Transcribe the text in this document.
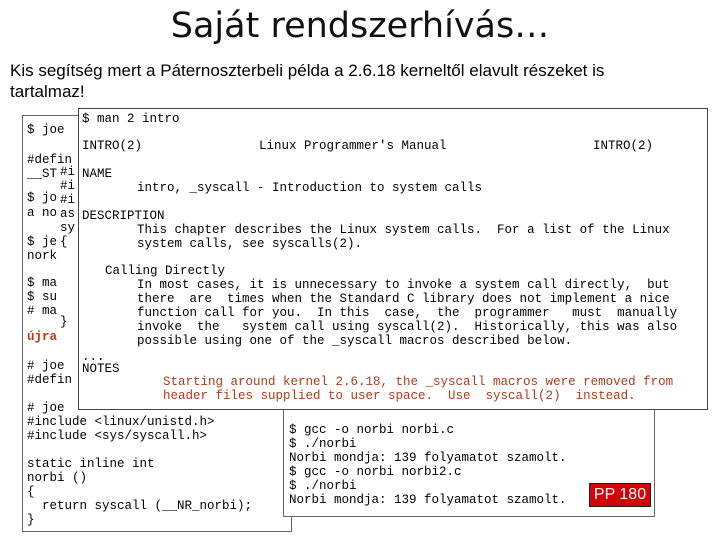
Saját rendszerhívás…
Kis segítség mert a Páternoszterbeli példa a 2.6.18 kerneltől elavult részeket is
tartalmaz!

$ joe

#defin

__ST

$ jo

a no

$ je

nork

$ ma

$ su

# ma

újra

# joe

#defin

# joe

#include <linux/unistd.h>

#include <sys/syscall.h>

static inline int

norbi ()

{

return syscall (__NR_norbi);

}

#i

#i

#i

as

sy

{

}

$ gcc -o norbi norbi.c

$ ./norbi

Norbi mondja: 139 folyamatot szamolt.

$ gcc -o norbi norbi2.c

$ ./norbi

Norbi mondja: 139 folyamatot szamolt.

$ man 2 intro

INTRO(2)

	Linux Programmer's Manual

	INTRO(2)

NAME

intro, _syscall - Introduction to system calls

DESCRIPTION

This chapter describes the Linux system calls.  For a list of the Linux

system calls, see syscalls(2).

Calling Directly

In most cases, it is unnecessary to invoke a system call directly,  but

there  are  times when the Standard C library does not implement a nice

function call for you.  In this  case,  the  programmer   must  manually

invoke  the   system call using syscall(2).  Historically, this was also

possible using one of the _syscall macros described below.

...

NOTES

Starting around kernel 2.6.18, the _syscall macros were removed from

header files supplied to user space.  Use  syscall(2)  instead.

PP 180
